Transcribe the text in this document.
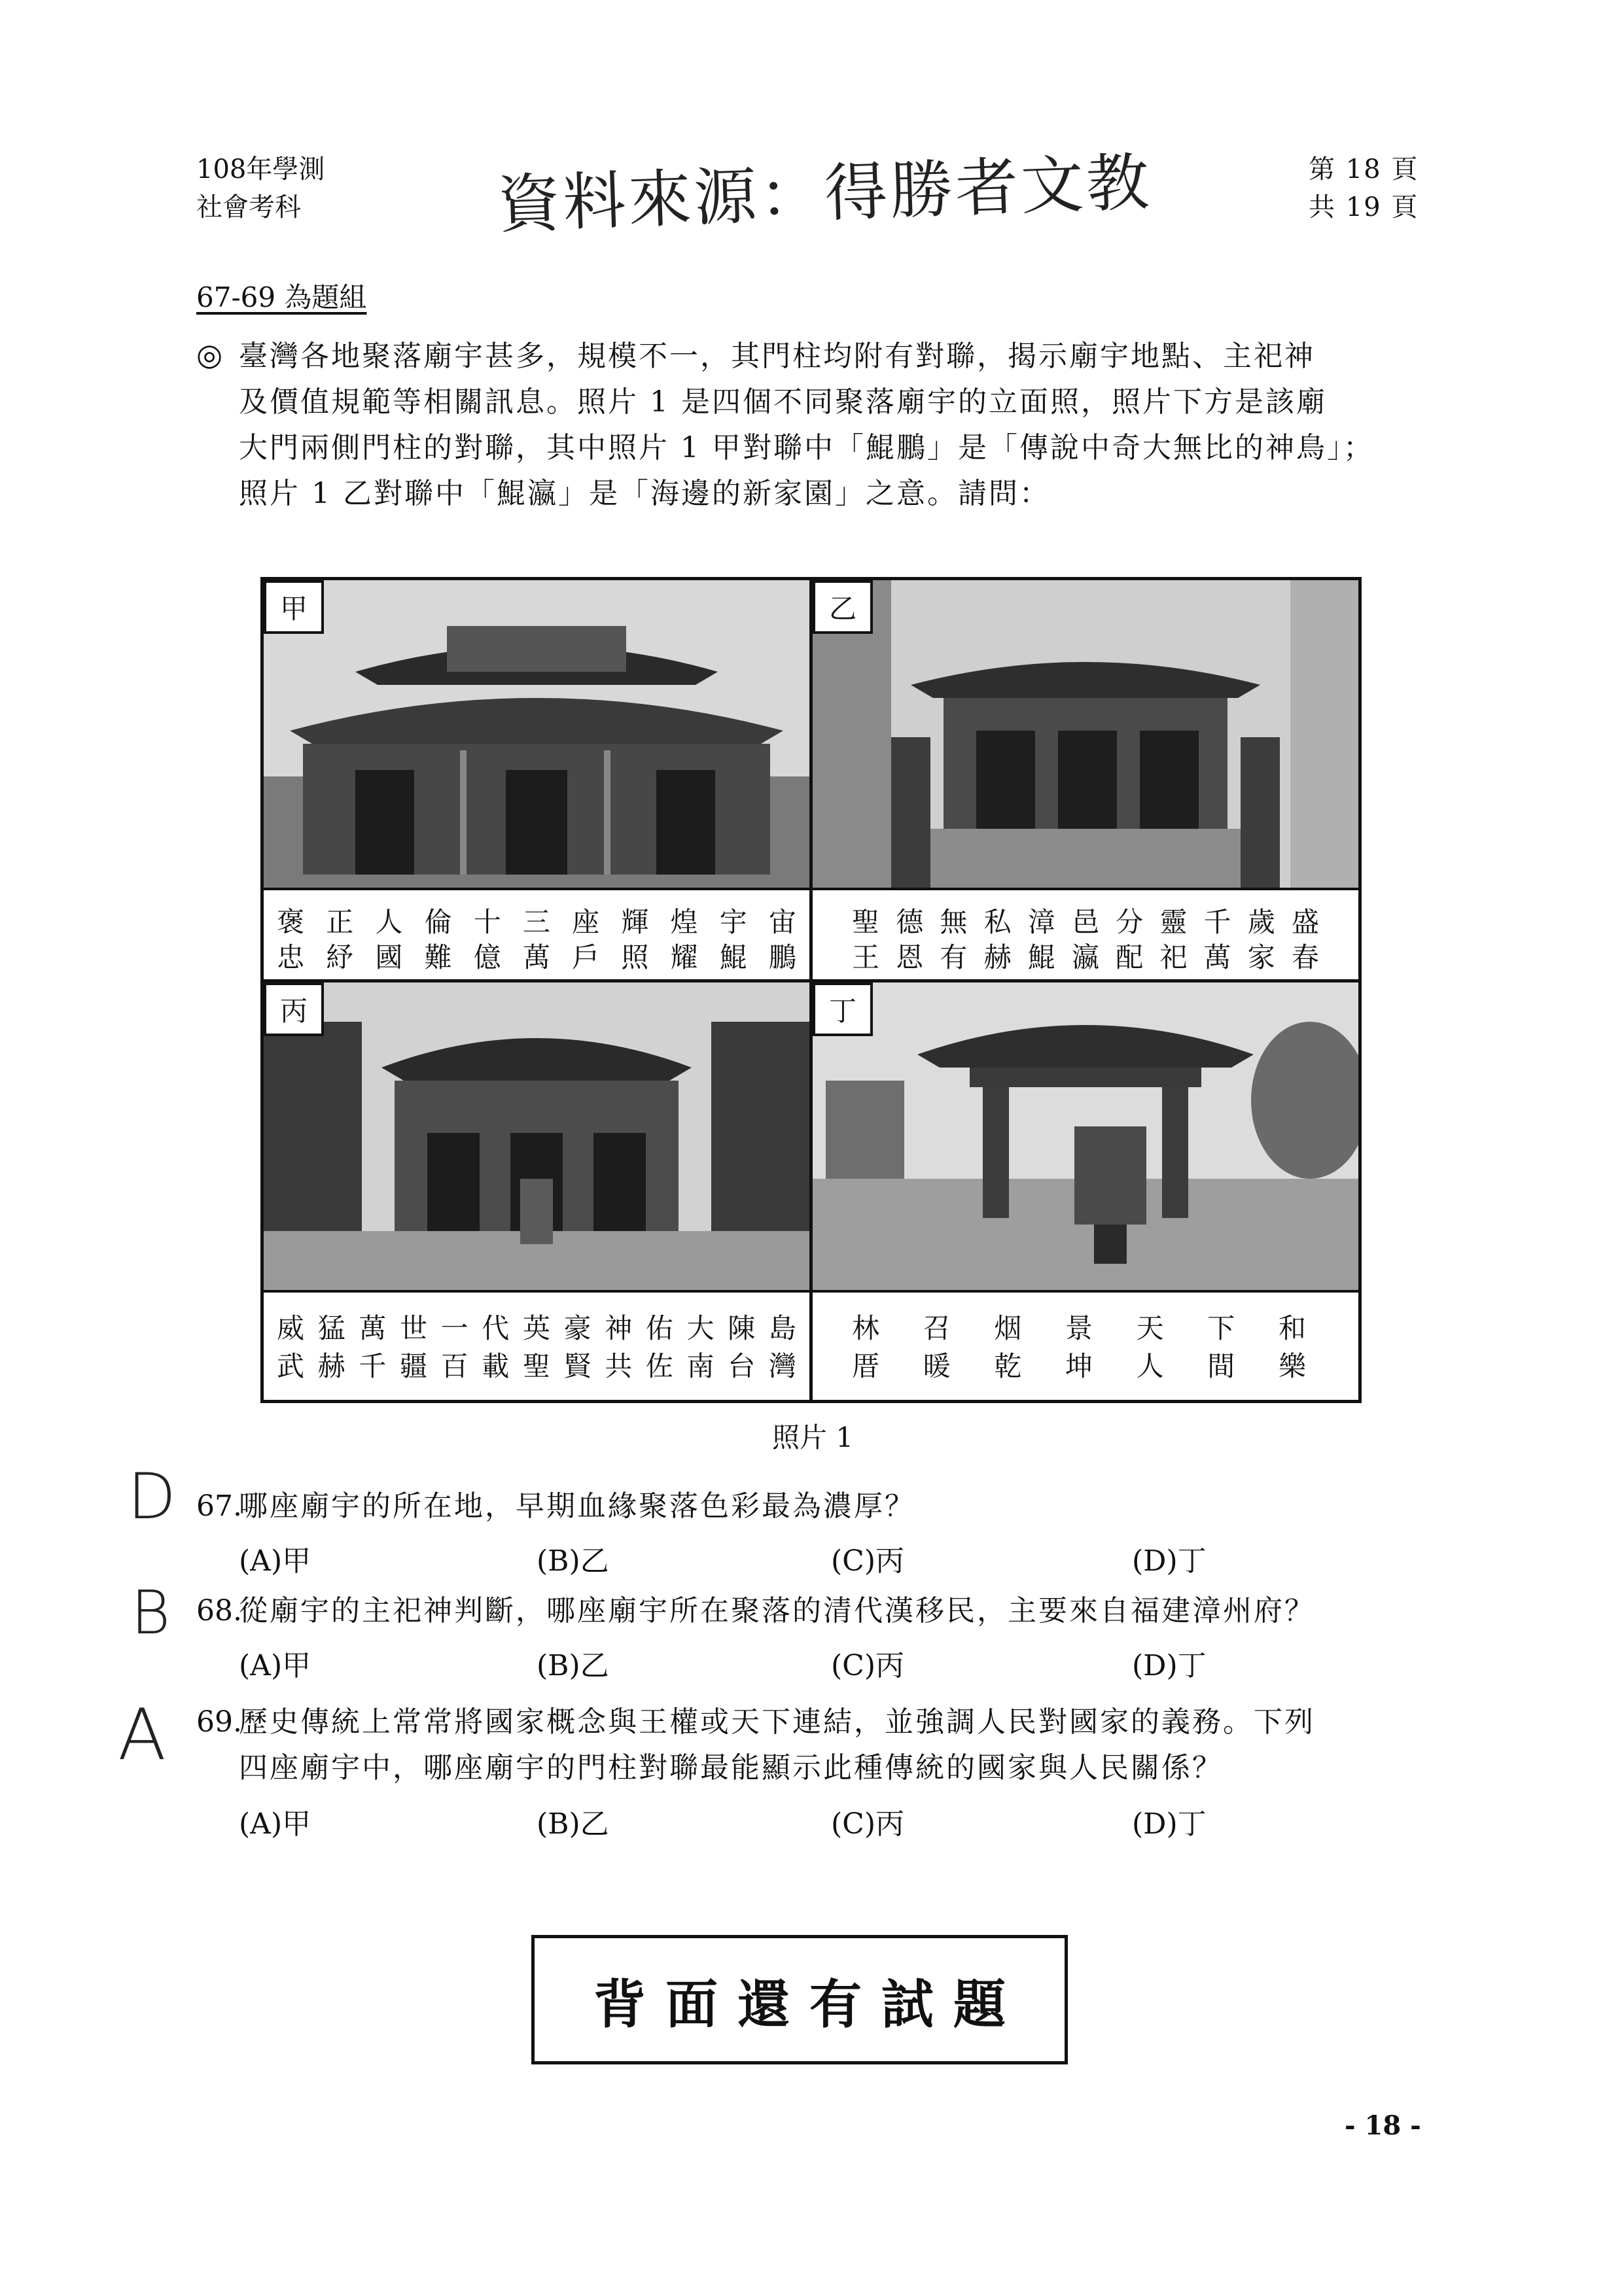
108年學測
社會考科	資料來源：得勝者文教	第 18 頁
共 19 頁
67-69 為題組
◎ 臺灣各地聚落廟宇甚多，規模不一，其門柱均附有對聯，揭示廟宇地點、主祀神
及價值規範等相關訊息。照片 1 是四個不同聚落廟宇的立面照，照片下方是該廟
大門兩側門柱的對聯，其中照片 1 甲對聯中「鯤鵬」是「傳說中奇大無比的神鳥」；
照片 1 乙對聯中「鯤瀛」是「海邊的新家園」之意。請問：
甲
褒 正 人 倫 十 三 座 輝 煌 宇 宙
忠 紓 國 難 億 萬 戶 照 耀 鯤 鵬
乙
聖 德 無 私 漳 邑 分 靈 千 歲 盛
王 恩 有 赫 鯤 瀛 配 祀 萬 家 春
丙
威 猛 萬 世 一 代 英 豪 神 佑 大 陳 島
武 赫 千 疆 百 載 聖 賢 共 佐 南 台 灣
丁
林 召 烟 景 天 下 和
厝 暖 乾 坤 人 間 樂
照片 1
D 67.
哪座廟宇的所在地，早期血緣聚落色彩最為濃厚？
(A)甲	(B)乙	(C)丙	(D)丁
B 68.
從廟宇的主祀神判斷，哪座廟宇所在聚落的清代漢移民，主要來自福建漳州府？
(A)甲	(B)乙	(C)丙	(D)丁
A 69.
歷史傳統上常常將國家概念與王權或天下連結，並強調人民對國家的義務。下列
四座廟宇中，哪座廟宇的門柱對聯最能顯示此種傳統的國家與人民關係？
(A)甲	(B)乙	(C)丙	(D)丁
背面還有試題
- 18 -
